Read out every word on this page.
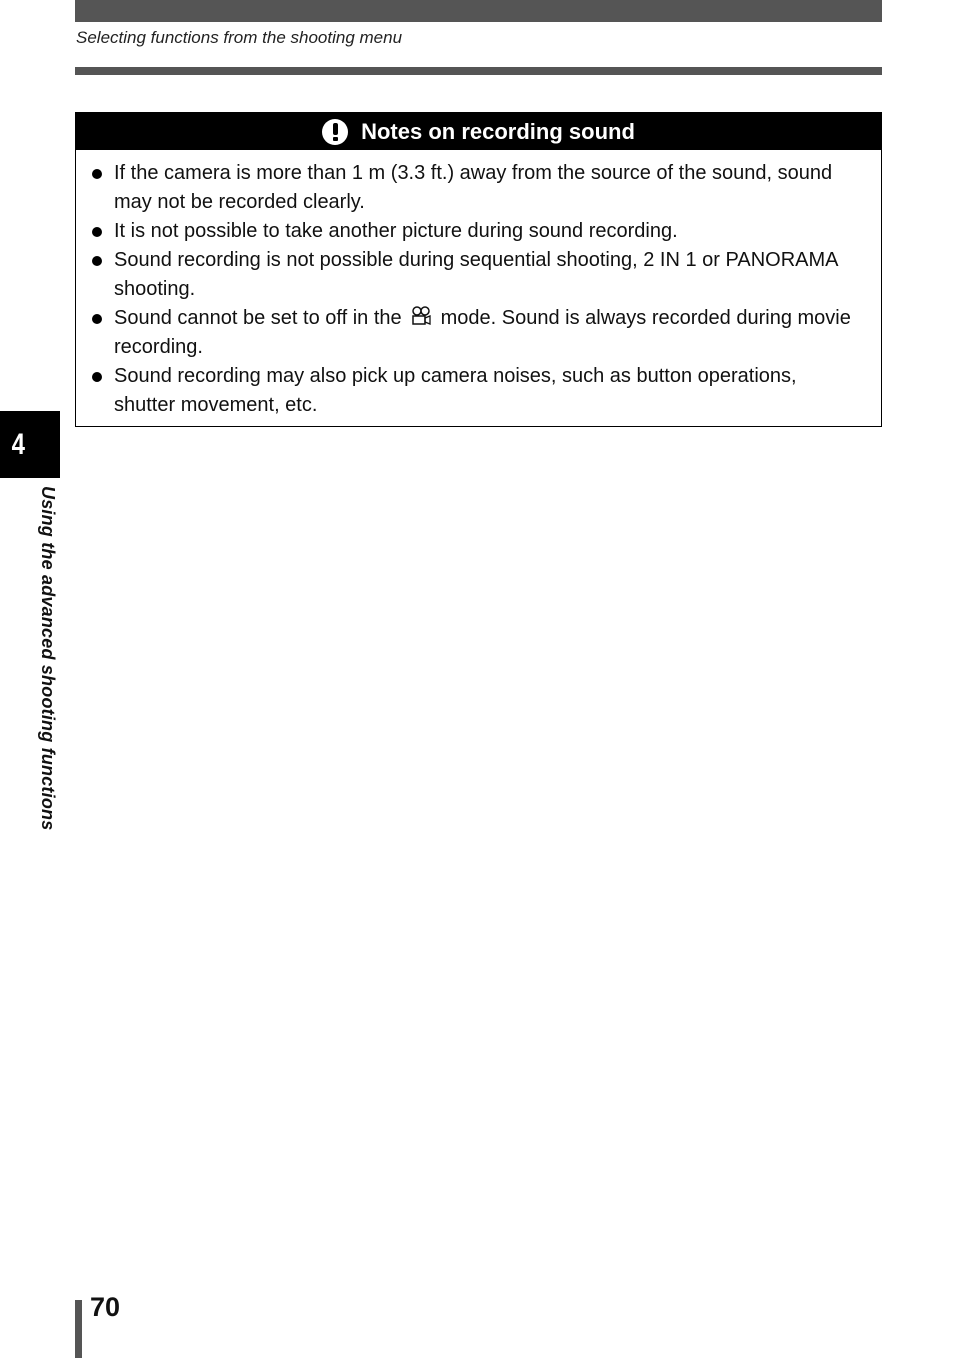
Selecting functions from the shooting menu
Notes on recording sound
If the camera is more than 1 m (3.3 ft.) away from the source of the sound, sound may not be recorded clearly.
It is not possible to take another picture during sound recording.
Sound recording is not possible during sequential shooting, 2 IN 1 or PANORAMA shooting.
Sound cannot be set to off in the mode. Sound is always recorded during movie recording.
Sound recording may also pick up camera noises, such as button operations, shutter movement, etc.
4
Using the advanced shooting functions
70
